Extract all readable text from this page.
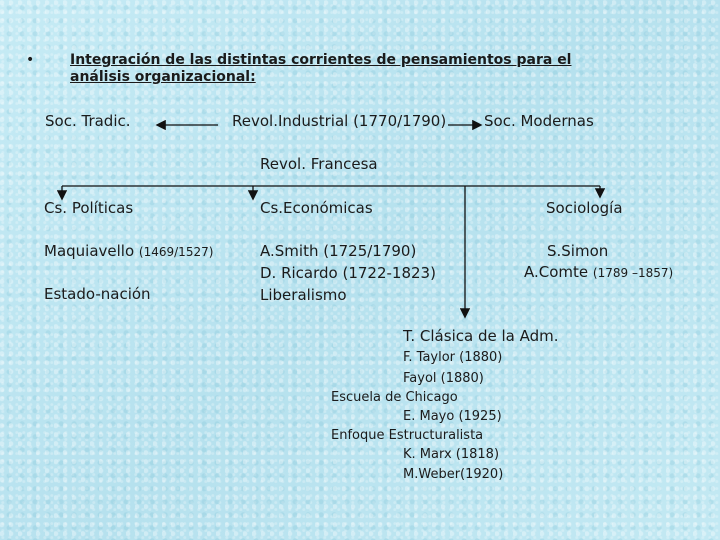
•	Integración de las distintas corrientes de pensamientos para el análisis organizacional:
Soc. Tradic.	Revol.Industrial (1770/1790)	Soc. Modernas
Revol. Francesa
Cs. Políticas
Maquiavello (1469/1527)
Estado-nación
Cs.Económicas
A.Smith (1725/1790)
D. Ricardo (1722-1823)
Liberalismo
Sociología
S.Simon
A.Comte (1789 –1857)
T. Clásica de la Adm.
F. Taylor (1880)
Fayol (1880)
Escuela de Chicago
E. Mayo (1925)
Enfoque Estructuralista
K. Marx (1818)
M.Weber(1920)
